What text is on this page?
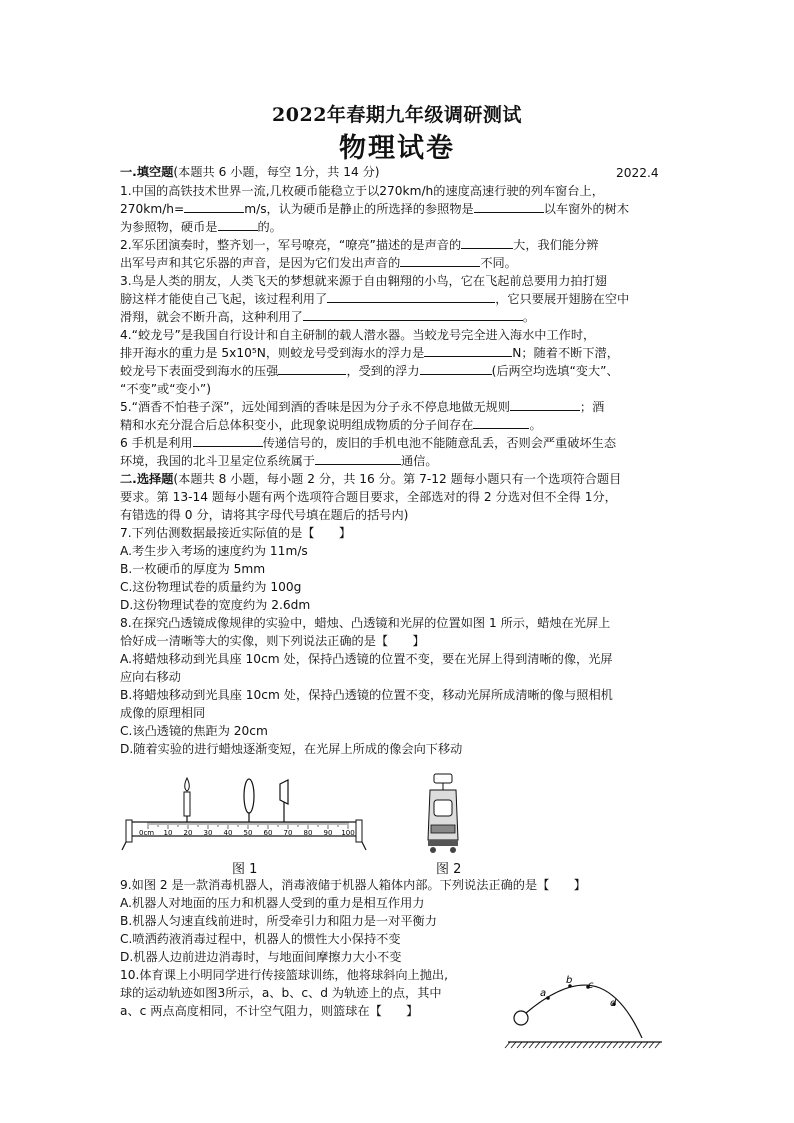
2022年春期九年级调研测试
物理试卷
一.填空题(本题共 6 小题，每空 1分，共 14 分)	2022.4
1.中国的高铁技术世界一流,几枚硬币能稳立于以270km/h的速度高速行驶的列车窗台上，
270km/h=	m/s，认为硬币是静止的所选择的参照物是	以车窗外的树木
为参照物，硬币是	的。
2.军乐团演奏时，整齐划一，军号嘹亮，“嘹亮”描述的是声音的	大，我们能分辨
出军号声和其它乐器的声音，是因为它们发出声音的	不同。
3.鸟是人类的朋友，人类飞天的梦想就来源于自由翱翔的小鸟，它在飞起前总要用力拍打翅
膀这样才能使自己飞起，该过程利用了	，它只要展开翅膀在空中
滑翔，就会不断升高，这种利用了	。
4.“蛟龙号”是我国自行设计和自主研制的载人潜水器。当蛟龙号完全进入海水中工作时，
排开海水的重力是 5x10⁵N，则蛟龙号受到海水的浮力是	N；随着不断下潜，
蛟龙号下表面受到海水的压强	，受到的浮力	(后两空均选填“变大”、
“不变”或“变小”)
5.“酒香不怕巷子深”，远处闻到酒的香味是因为分子永不停息地做无规则	；酒
精和水充分混合后总体积变小，此现象说明组成物质的分子间存在	。
6 手机是利用	传递信号的，废旧的手机电池不能随意乱丢，否则会严重破坏生态
环境，我国的北斗卫星定位系统属于	通信。
二.选择题(本题共 8 小题，每小题 2 分，共 16 分。第 7-12 题每小题只有一个选项符合题目
要求。第 13-14 题每小题有两个选项符合题目要求，全部选对的得 2 分选对但不全得 1分，
有错选的得 0 分，请将其字母代号填在题后的括号内)
7.下列估测数据最接近实际值的是【　　】
A.考生步入考场的速度约为 11m/s
B.一枚硬币的厚度为 5mm
C.这份物理试卷的质量约为 100g
D.这份物理试卷的宽度约为 2.6dm
8.在探究凸透镜成像规律的实验中，蜡烛、凸透镜和光屏的位置如图 1 所示，蜡烛在光屏上
恰好成一清晰等大的实像，则下列说法正确的是【　　】
A.将蜡烛移动到光具座 10cm 处，保持凸透镜的位置不变，要在光屏上得到清晰的像，光屏
应向右移动
B.将蜡烛移动到光具座 10cm 处，保持凸透镜的位置不变，移动光屏所成清晰的像与照相机
成像的原理相同
C.该凸透镜的焦距为 20cm
D.随着实验的进行蜡烛逐渐变短，在光屏上所成的像会向下移动
0cm 10 20 30 40 50 60 70 80 90 100
图 1	图 2
9.如图 2 是一款消毒机器人，消毒液储于机器人箱体内部。下列说法正确的是【　　】
A.机器人对地面的压力和机器人受到的重力是相互作用力
B.机器人匀速直线前进时，所受牵引力和阻力是一对平衡力
C.喷洒药液消毒过程中，机器人的惯性大小保持不变
D.机器人边前进边消毒时，与地面间摩擦力大小不变
10.体育课上小明同学进行传接篮球训练，他将球斜向上抛出,
球的运动轨迹如图3所示，a、b、c、d 为轨迹上的点，其中
a、c 两点高度相同，不计空气阻力，则篮球在【　　】
a
b c
d
